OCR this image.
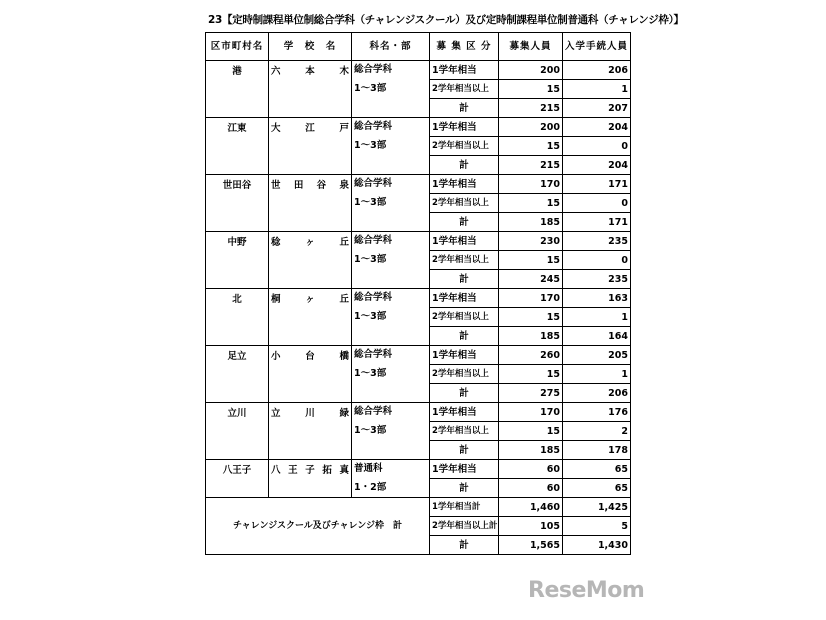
23【定時制課程単位制総合学科（チャレンジスクール）及び定時制課程単位制普通科（チャレンジ枠）】
区市町村名	学　校　名	科名・部	募 集 区 分	募集人員	入学手続人員
港	六 本 木	総合学科	1学年相当	200	206
		1〜3部	2学年相当以上	15	1
			計	215	207
江東	大 江 戸	総合学科	1学年相当	200	204
		1〜3部	2学年相当以上	15	0
			計	215	204
世田谷	世 田 谷 泉	総合学科	1学年相当	170	171
		1〜3部	2学年相当以上	15	0
			計	185	171
中野	稔 ヶ 丘	総合学科	1学年相当	230	235
		1〜3部	2学年相当以上	15	0
			計	245	235
北	桐 ヶ 丘	総合学科	1学年相当	170	163
		1〜3部	2学年相当以上	15	1
			計	185	164
足立	小 台 橋	総合学科	1学年相当	260	205
		1〜3部	2学年相当以上	15	1
			計	275	206
立川	立 川 緑	総合学科	1学年相当	170	176
		1〜3部	2学年相当以上	15	2
			計	185	178
八王子	八 王 子 拓 真	普通科	1学年相当	60	65
		1・2部	計	60	65
チャレンジスクール及びチャレンジ枠　計			1学年相当計	1,460	1,425
			2学年相当以上計	105	5
			計	1,565	1,430
ReseMom
